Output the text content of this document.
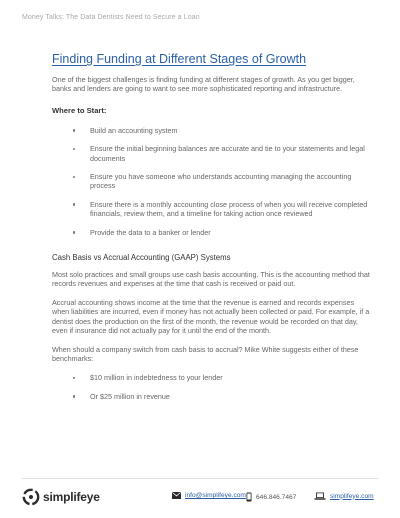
Money Talks: The Data Dentists Need to Secure a Loan
Finding Funding at Different Stages of Growth

One of the biggest challenges is finding funding at different stages of growth. As you get bigger, banks and lenders are going to want to see more sophisticated reporting and infrastructure.

Where to Start:
Build an accounting system
Ensure the initial beginning balances are accurate and tie to your statements and legal documents
Ensure you have someone who understands accounting managing the accounting process
Ensure there is a monthly accounting close process of when you will receive completed financials, review them, and a timeline for taking action once reviewed
Provide the data to a banker or lender
Cash Basis vs Accrual Accounting (GAAP) Systems

Most solo practices and small groups use cash basis accounting. This is the accounting method that records revenues and expenses at the time that cash is received or paid out.

Accrual accounting shows income at the time that the revenue is earned and records expenses when liabilities are incurred, even if money has not actually been collected or paid. For example, if a dentist does the production on the first of the month, the revenue would be recorded on that day, even if insurance did not actually pay for it until the end of the month.

When should a company switch from cash basis to accrual? Mike White suggests either of these benchmarks:

$10 million in indebtedness to your lender
Or $25 million in revenue
simplifeye	info@simplifeye.com 646.846.7467	simplifeye.com
